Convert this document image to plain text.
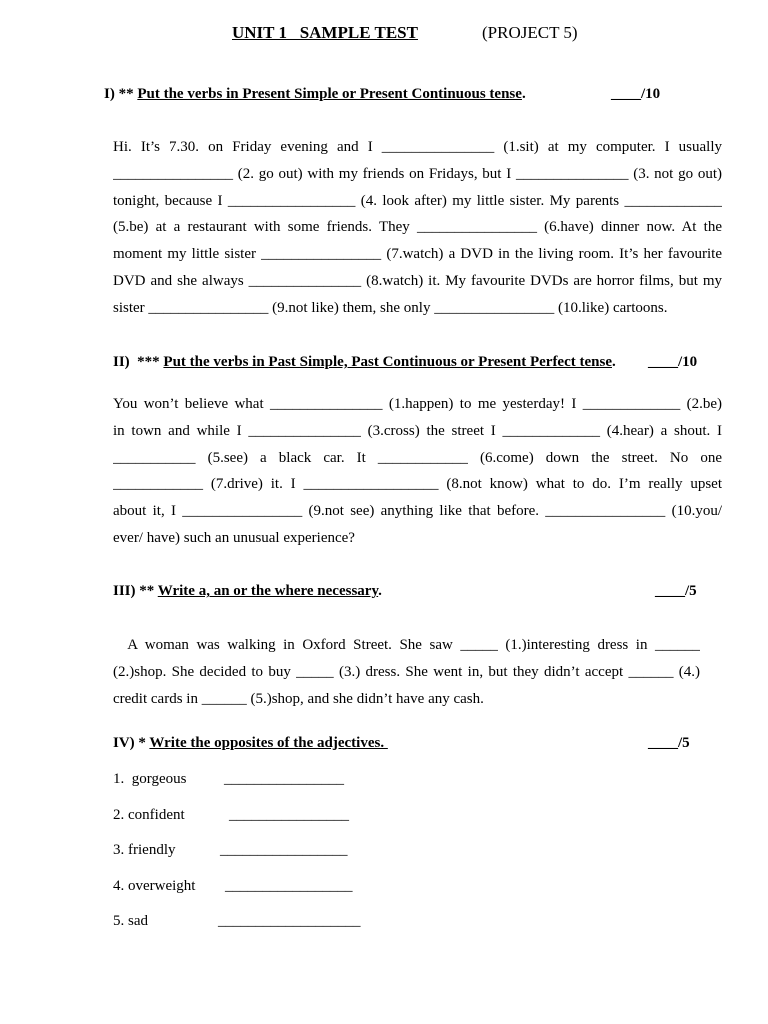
UNIT 1   SAMPLE TEST	(PROJECT 5)
I) ** Put the verbs in Present Simple or Present Continuous tense.	____/10
Hi. It’s 7.30. on Friday evening and I _______________ (1.sit) at my computer. I usually
________________ (2. go out) with my friends on Fridays, but I _______________ (3. not go out)
tonight, because I _________________ (4. look after) my little sister. My parents _____________
(5.be) at a restaurant with some friends. They ________________ (6.have) dinner now. At the
moment my little sister ________________ (7.watch) a DVD in the living room. It’s her favourite
DVD and she always _______________ (8.watch) it. My favourite DVDs are horror films, but my
sister ________________ (9.not like) them, she only ________________ (10.like) cartoons.
II)  *** Put the verbs in Past Simple, Past Continuous or Present Perfect tense. ____/10
You won’t believe what _______________ (1.happen) to me yesterday! I _____________ (2.be)
in town and while I _______________ (3.cross) the street I _____________ (4.hear) a shout. I
___________ (5.see) a black car. It ____________ (6.come) down the street. No one
____________ (7.drive) it. I __________________ (8.not know) what to do. I’m really upset
about it, I ________________ (9.not see) anything like that before. ________________ (10.you/
ever/ have) such an unusual experience?
III) ** Write a, an or the where necessary.	____/5
A woman was walking in Oxford Street. She saw _____ (1.)interesting dress in ______
(2.)shop. She decided to buy _____ (3.) dress. She went in, but they didn’t accept ______ (4.)
credit cards in ______ (5.)shop, and she didn’t have any cash.
IV) * Write the opposites of the adjectives.	____/5
1.  gorgeous	________________
2. confident	________________
3. friendly	_________________
4. overweight _________________
5. sad	___________________
